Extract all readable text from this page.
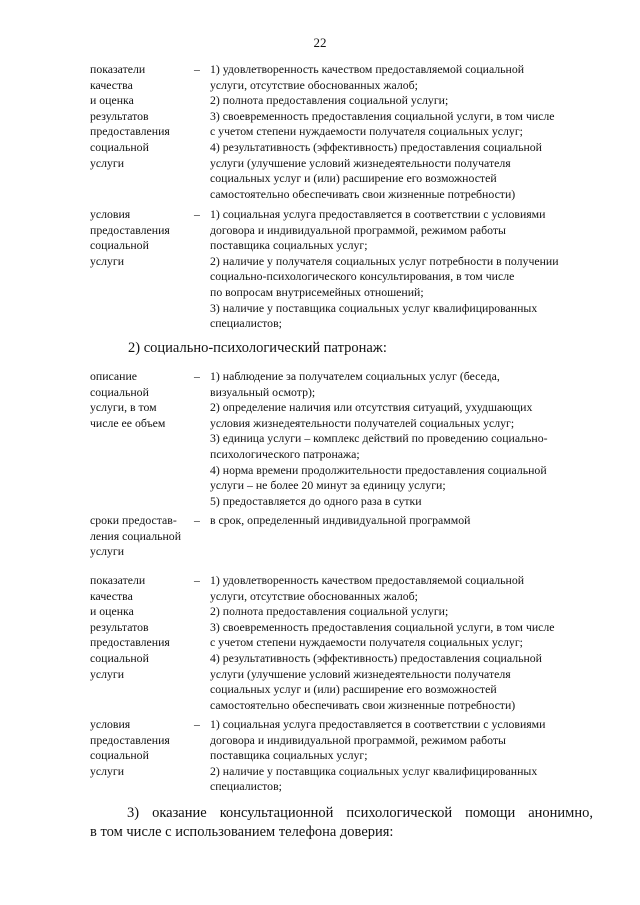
22
показатели
качества
и оценка
результатов
предоставления
социальной
услуги
– 1) удовлетворенность качеством предоставляемой социальной
услуги, отсутствие обоснованных жалоб;
2) полнота предоставления социальной услуги;
3) своевременность предоставления социальной услуги, в том числе
с учетом степени нуждаемости получателя социальных услуг;
4) результативность (эффективность) предоставления социальной
услуги (улучшение условий жизнедеятельности получателя
социальных услуг и (или) расширение его возможностей
самостоятельно обеспечивать свои жизненные потребности)
условия
предоставления
социальной
услуги
– 1) социальная услуга предоставляется в соответствии с условиями
договора и индивидуальной программой, режимом работы
поставщика социальных услуг;
2) наличие у получателя социальных услуг потребности в получении
социально-психологического консультирования, в том числе
по вопросам внутрисемейных отношений;
3) наличие у поставщика социальных услуг квалифицированных
специалистов;
2) социально-психологический патронаж:
описание
социальной
услуги, в том
числе ее объем
– 1) наблюдение за получателем социальных услуг (беседа,
визуальный осмотр);
2) определение наличия или отсутствия ситуаций, ухудшающих
условия жизнедеятельности получателей социальных услуг;
3) единица услуги – комплекс действий по проведению социально-
психологического патронажа;
4) норма времени продолжительности предоставления социальной
услуги – не более 20 минут за единицу услуги;
5) предоставляется до одного раза в сутки
сроки предостав-
ления социальной
услуги
– в срок, определенный индивидуальной программой
показатели
качества
и оценка
результатов
предоставления
социальной
услуги
– 1) удовлетворенность качеством предоставляемой социальной
услуги, отсутствие обоснованных жалоб;
2) полнота предоставления социальной услуги;
3) своевременность предоставления социальной услуги, в том числе
с учетом степени нуждаемости получателя социальных услуг;
4) результативность (эффективность) предоставления социальной
услуги (улучшение условий жизнедеятельности получателя
социальных услуг и (или) расширение его возможностей
самостоятельно обеспечивать свои жизненные потребности)
условия
предоставления
социальной
услуги
– 1) социальная услуга предоставляется в соответствии с условиями
договора и индивидуальной программой, режимом работы
поставщика социальных услуг;
2) наличие у поставщика социальных услуг квалифицированных
специалистов;
3) оказание консультационной психологической помощи анонимно,
в том числе с использованием телефона доверия:
